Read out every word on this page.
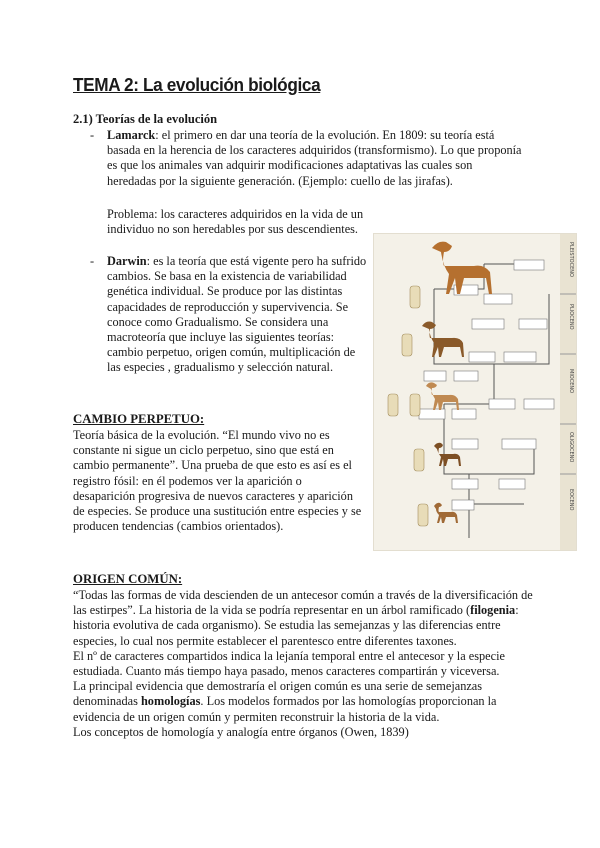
TEMA 2: La evolución biológica
2.1) Teorías de la evolución
- Lamarck: el primero en dar una teoría de la evolución. En 1809: su teoría está basada en la herencia de los caracteres adquiridos (transformismo). Lo que proponía es que los animales van adquirir modificaciones adaptativas las cuales son heredadas por la siguiente generación. (Ejemplo: cuello de las jirafas).
Problema: los caracteres adquiridos en la vida de un individuo no son heredables por sus descendientes.
- Darwin: es la teoría que está vigente pero ha sufrido cambios. Se basa en la existencia de variabilidad genética individual. Se produce por las distintas capacidades de reproducción y supervivencia. Se conoce como Gradualismo. Se considera una macroteoría que incluye las siguientes teorías: cambio perpetuo, origen común, multiplicación de las especies , gradualismo y selección natural.
CAMBIO PERPETUO:
Teoría básica de la evolución. “El mundo vivo no es constante ni sigue un ciclo perpetuo, sino que está en cambio permanente”. Una prueba de que esto es así es el registro fósil: en él podemos ver la aparición o desaparición progresiva de nuevos caracteres y aparición de especies. Se produce una sustitución entre especies y se producen tendencias (cambios orientados).
PLEISTOCENO
PLIOCENO
MIOCENO
OLIGOCENO
EOCENO
ORIGEN COMÚN:
“Todas las formas de vida descienden de un antecesor común a través de la diversificación de las estirpes”. La historia de la vida se podría representar en un árbol ramificado (filogenia: historia evolutiva de cada organismo). Se estudia las semejanzas y las diferencias entre especies, lo cual nos permite establecer el parentesco entre diferentes taxones.
El nº de caracteres compartidos indica la lejanía temporal entre el antecesor y la especie estudiada. Cuanto más tiempo haya pasado, menos caracteres compartirán y viceversa.
La principal evidencia que demostraría el origen común es una serie de semejanzas denominadas homologías. Los modelos formados por las homologías proporcionan la evidencia de un origen común y permiten reconstruir la historia de la vida.
Los conceptos de homología y analogía entre órganos (Owen, 1839)
